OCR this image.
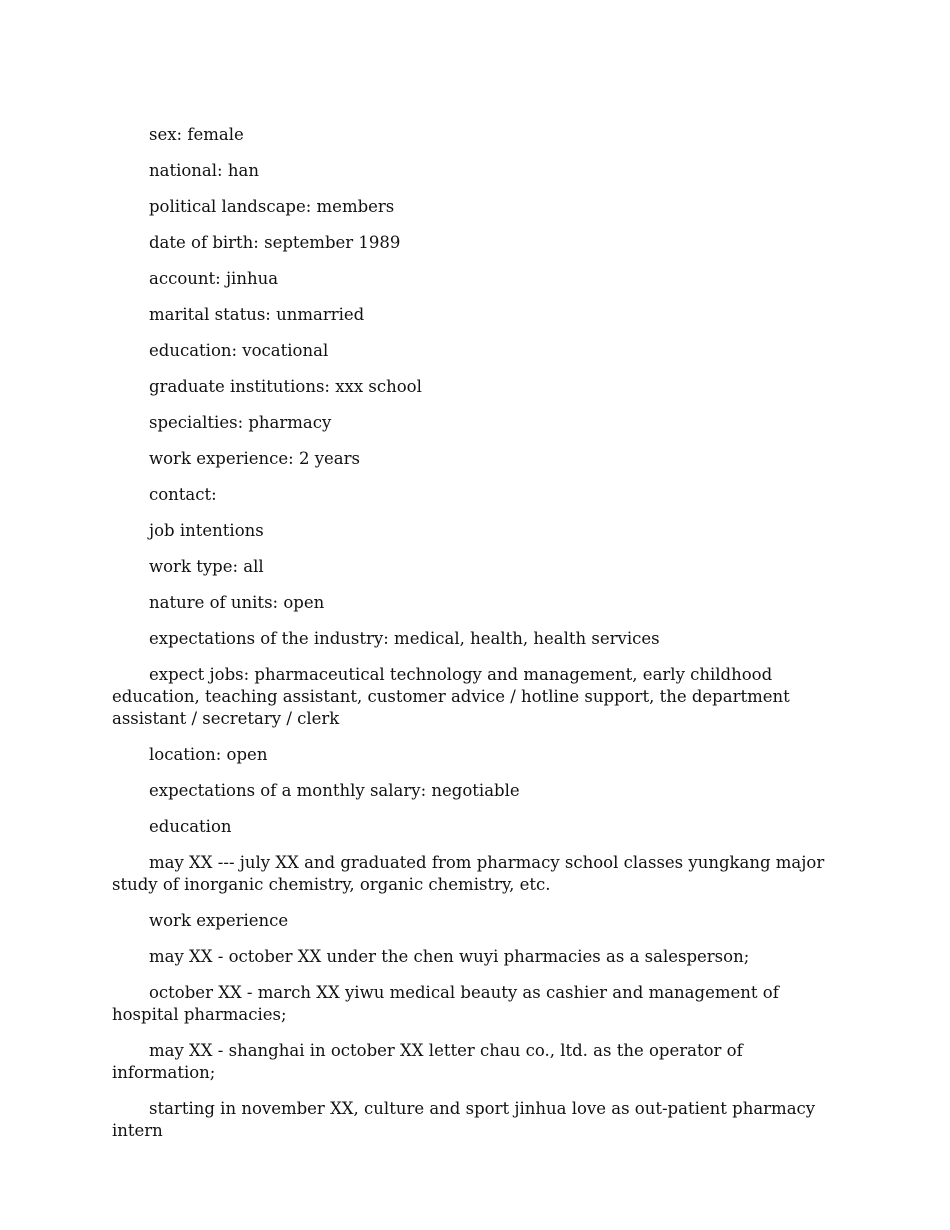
sex: female

national: han

political landscape: members

date of birth: september 1989

account: jinhua

marital status: unmarried

education: vocational

graduate institutions: xxx school

specialties: pharmacy

work experience: 2 years

contact:

job intentions

work type: all

nature of units: open

expectations of the industry: medical, health, health services

expect jobs: pharmaceutical technology and management, early childhood education, teaching assistant, customer advice / hotline support, the department assistant / secretary / clerk

location: open

expectations of a monthly salary: negotiable

education

may XX --- july XX and graduated from pharmacy school classes yungkang major study of inorganic chemistry, organic chemistry, etc.

work experience

may XX - october XX under the chen wuyi pharmacies as a salesperson;

october XX - march XX yiwu medical beauty as cashier and management of hospital pharmacies;

may XX - shanghai in october XX letter chau co., ltd. as the operator of information;

starting in november XX, culture and sport jinhua love as out-patient pharmacy intern
